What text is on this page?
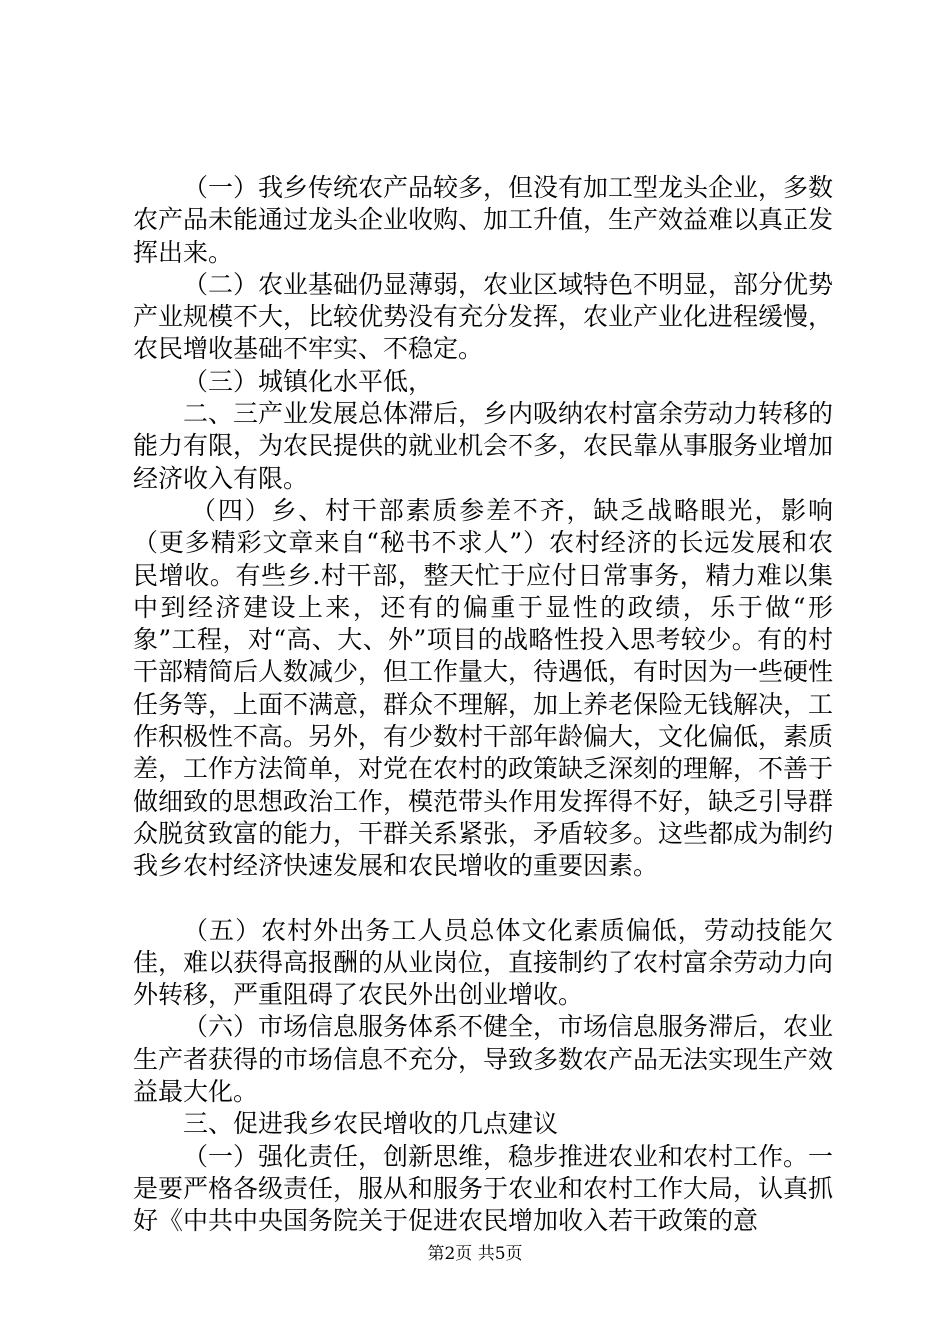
（一）我乡传统农产品较多，但没有加工型龙头企业，多数农产品未能通过龙头企业收购、加工升值，生产效益难以真正发挥出来。

（二）农业基础仍显薄弱，农业区域特色不明显，部分优势产业规模不大，比较优势没有充分发挥，农业产业化进程缓慢，农民增收基础不牢实、不稳定。

（三）城镇化水平低，

二、三产业发展总体滞后，乡内吸纳农村富余劳动力转移的能力有限，为农民提供的就业机会不多，农民靠从事服务业增加经济收入有限。

（四）乡、村干部素质参差不齐，缺乏战略眼光，影响（更多精彩文章来自“秘书不求人”）农村经济的长远发展和农民增收。有些乡.村干部，整天忙于应付日常事务，精力难以集中到经济建设上来，还有的偏重于显性的政绩，乐于做“形象”工程，对“高、大、外”项目的战略性投入思考较少。有的村干部精简后人数减少，但工作量大，待遇低，有时因为一些硬性任务等，上面不满意，群众不理解，加上养老保险无钱解决，工作积极性不高。另外，有少数村干部年龄偏大，文化偏低，素质差，工作方法简单，对党在农村的政策缺乏深刻的理解，不善于做细致的思想政治工作，模范带头作用发挥得不好，缺乏引导群众脱贫致富的能力，干群关系紧张，矛盾较多。这些都成为制约我乡农村经济快速发展和农民增收的重要因素。

（五）农村外出务工人员总体文化素质偏低，劳动技能欠佳，难以获得高报酬的从业岗位，直接制约了农村富余劳动力向外转移，严重阻碍了农民外出创业增收。

（六）市场信息服务体系不健全，市场信息服务滞后，农业生产者获得的市场信息不充分，导致多数农产品无法实现生产效益最大化。

三、促进我乡农民增收的几点建议

（一）强化责任，创新思维，稳步推进农业和农村工作。一是要严格各级责任，服从和服务于农业和农村工作大局，认真抓好《中共中央国务院关于促进农民增加收入若干政策的意

第2页 共5页
